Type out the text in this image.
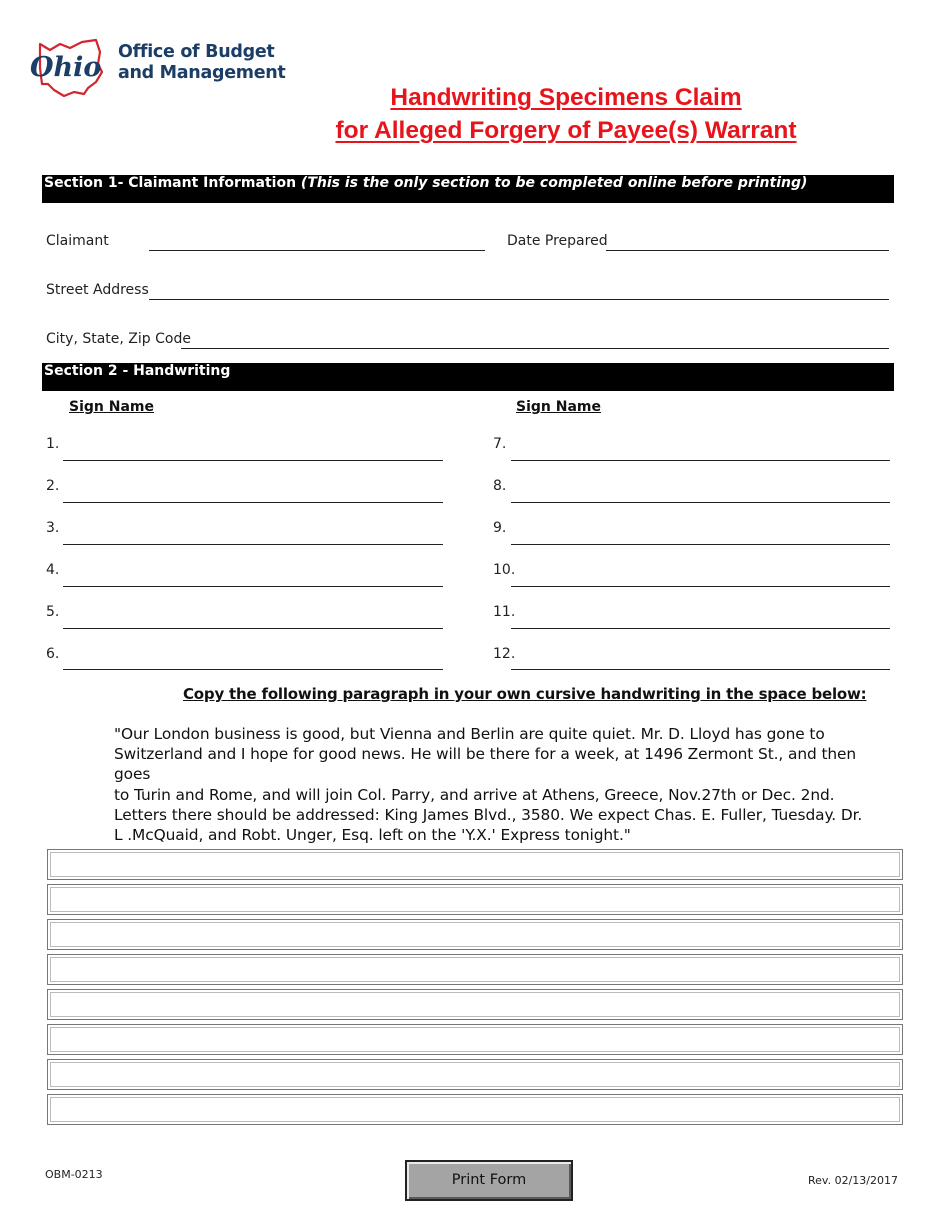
Ohio Office of Budget
and Management
Handwriting Specimens Claim
for Alleged Forgery of Payee(s) Warrant
Section 1- Claimant Information (This is the only section to be completed online before printing)
Claimant	Date Prepared
Street Address
City, State, Zip Code
Section 2 - Handwriting
Sign Name	Sign Name
1.
2.
3.
4.
5.
6.
7.
8.
9.
10.
11.
12.
Copy the following paragraph in your own cursive handwriting in the space below:
"Our London business is good, but Vienna and Berlin are quite quiet. Mr. D. Lloyd has gone to
Switzerland and I hope for good news. He will be there for a week, at 1496 Zermont St., and then goes
to Turin and Rome, and will join Col. Parry, and arrive at Athens, Greece, Nov.27th or Dec. 2nd.
Letters there should be addressed: King James Blvd., 3580. We expect Chas. E. Fuller, Tuesday. Dr.
L .McQuaid, and Robt. Unger, Esq. left on the 'Y.X.' Express tonight."
OBM-0213	Print Form	Rev. 02/13/2017
